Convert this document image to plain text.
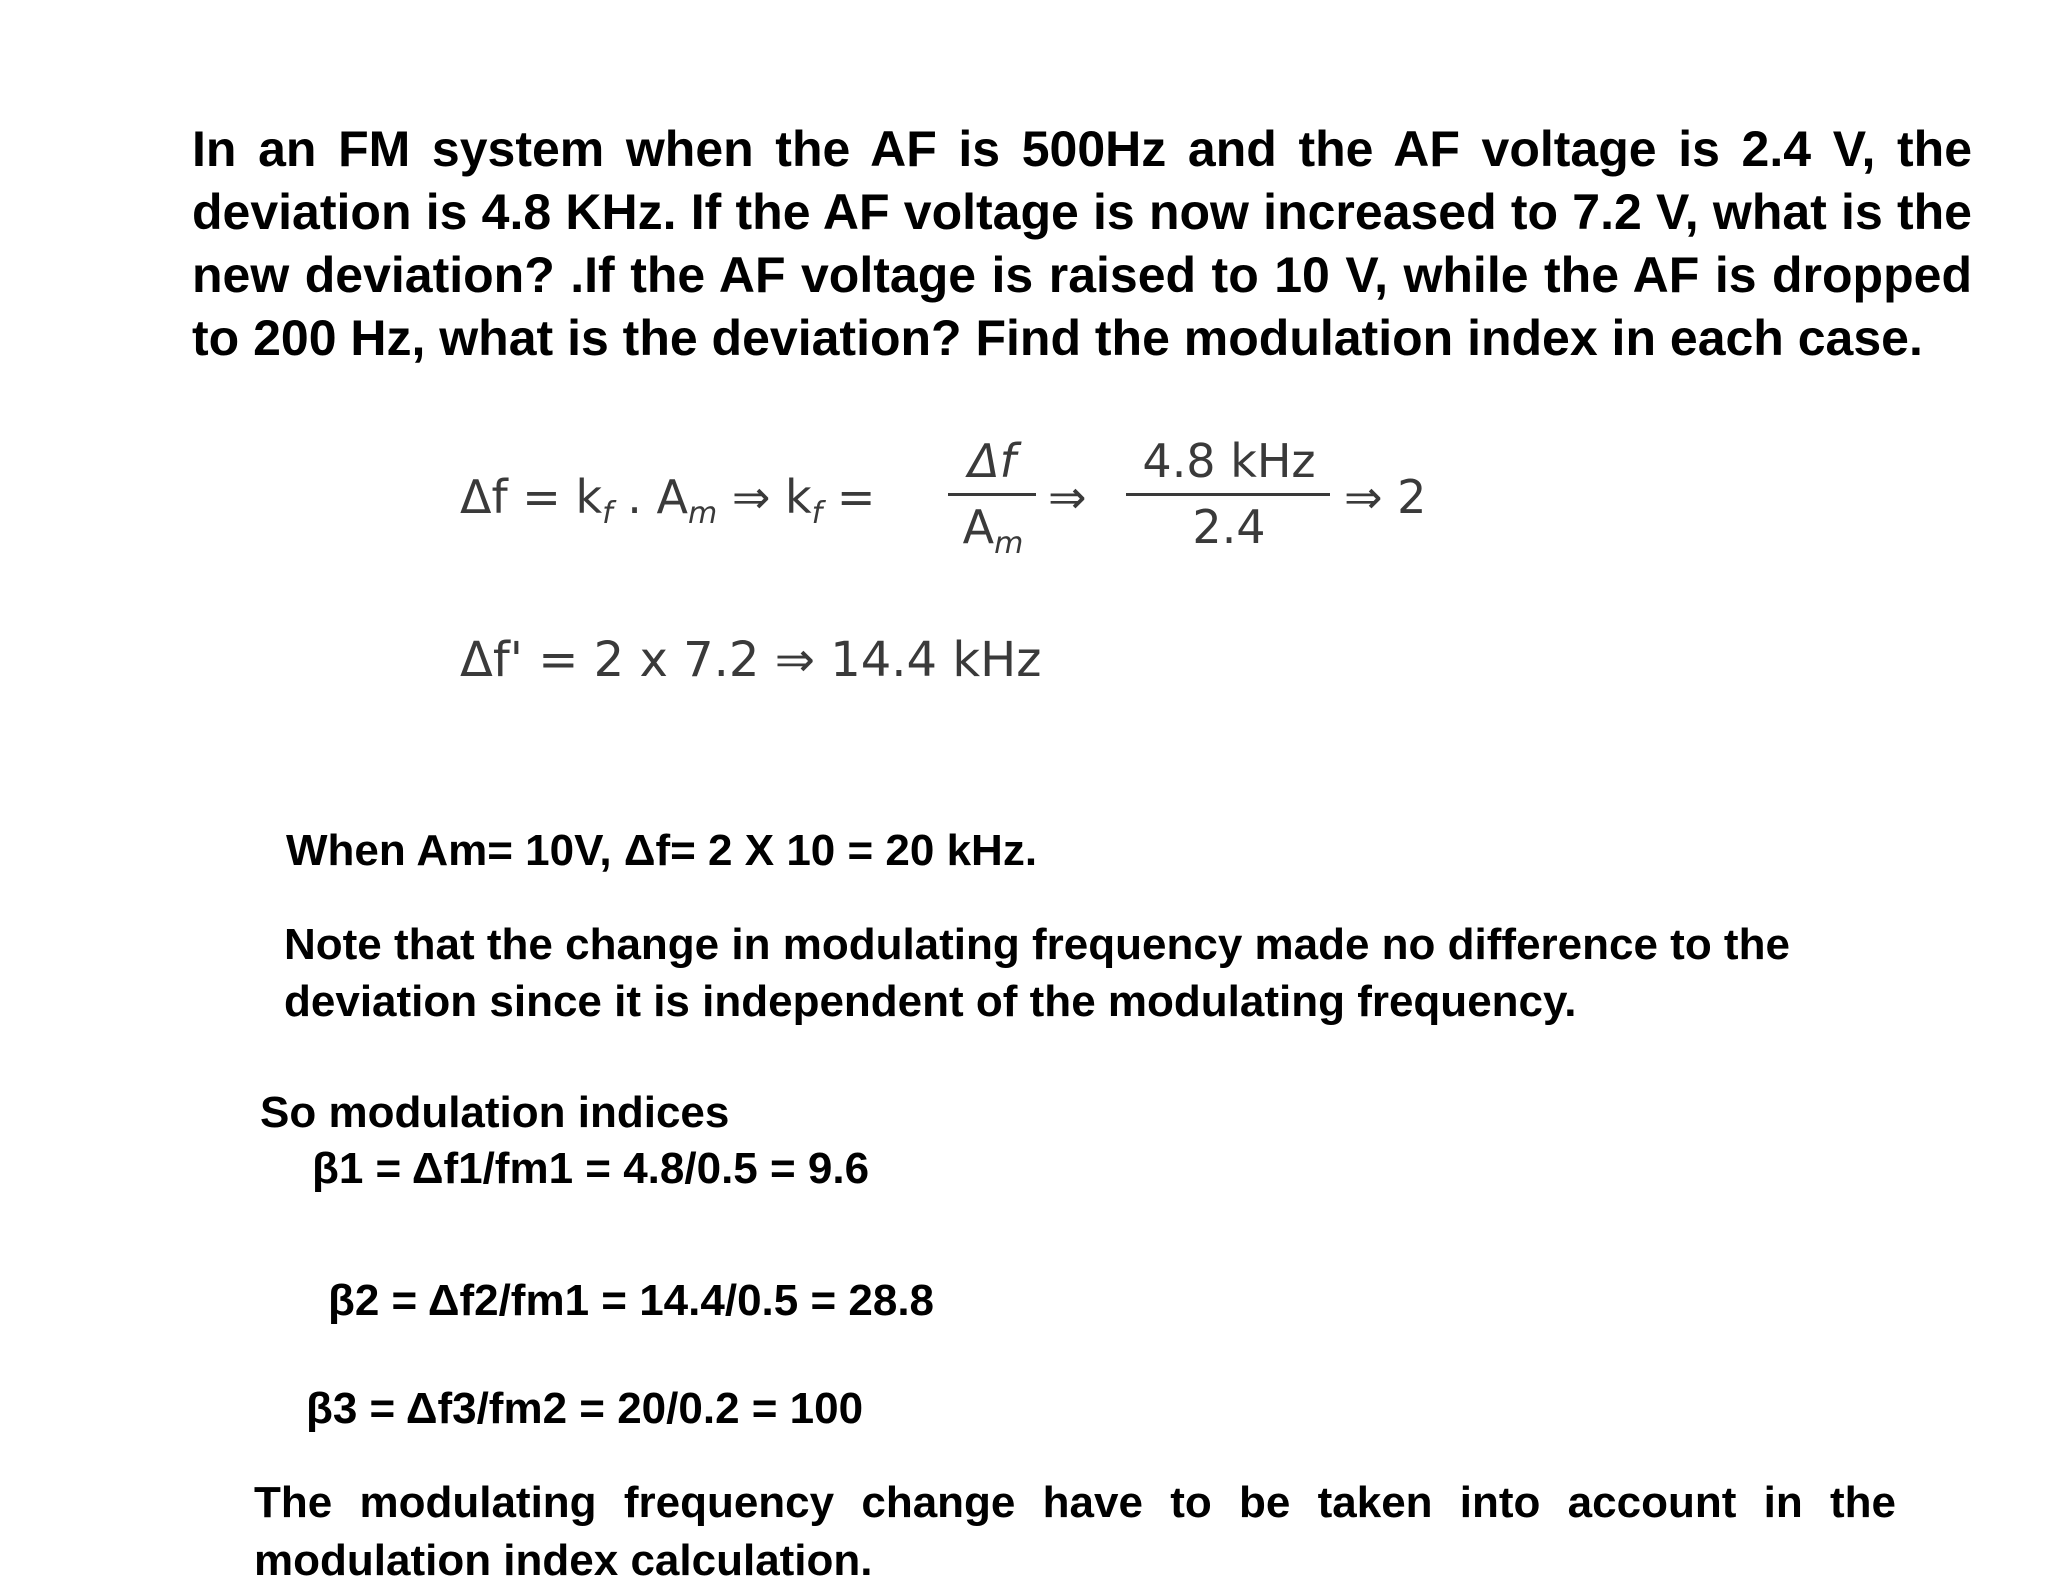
In an FM system when the AF is 500Hz and the AF voltage is 2.4 V, the deviation is 4.8 KHz. If the AF voltage is now increased to 7.2 V, what is the new deviation? .If the AF voltage is raised to 10 V, while the AF is dropped to 200 Hz, what is the deviation? Find the modulation index in each case.
$\Delta f = k_f$ . $A_m$ ⇒ $k_f$ =
Δf
$A_m$
⇒
4.8 kHz
2.4
⇒ 2
Δf' = 2 x 7.2 ⇒ 14.4 kHz
When Am= 10V, Δf= 2 X 10 = 20 kHz.
Note that the change in modulating frequency made no difference to the deviation since it is independent of the modulating frequency.
So modulation indices
β1 = Δf1/fm1 = 4.8/0.5 = 9.6
β2 = Δf2/fm1 = 14.4/0.5 = 28.8
β3 = Δf3/fm2 = 20/0.2 = 100
The modulating frequency change have to be taken into account in the modulation index calculation.
